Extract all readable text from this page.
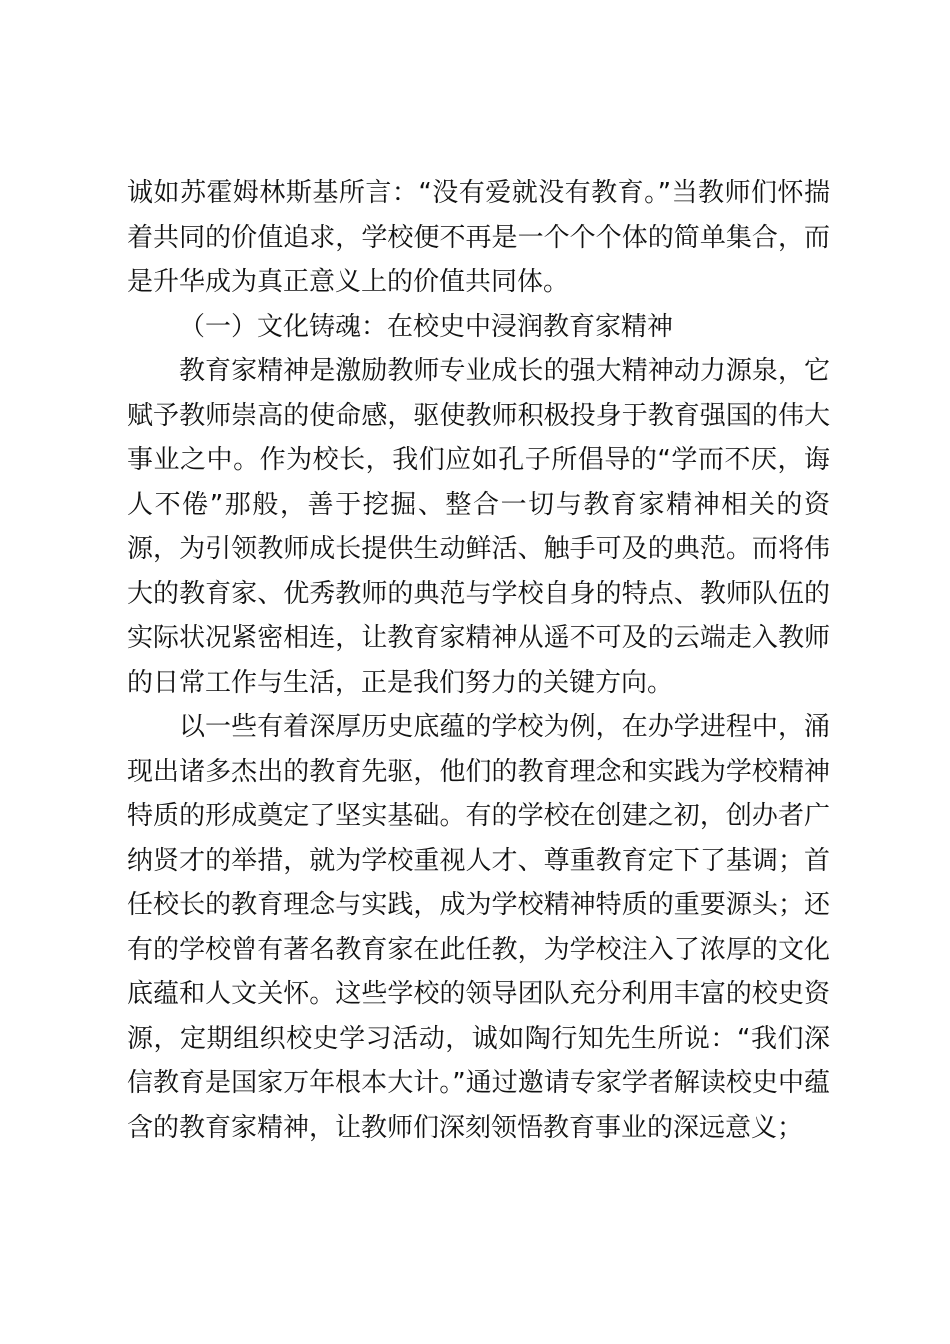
诚如苏霍姆林斯基所言：“没有爱就没有教育。”当教师们怀揣着共同的价值追求，学校便不再是一个个个体的简单集合，而是升华成为真正意义上的价值共同体。

（一）文化铸魂：在校史中浸润教育家精神

教育家精神是激励教师专业成长的强大精神动力源泉，它赋予教师崇高的使命感，驱使教师积极投身于教育强国的伟大事业之中。作为校长，我们应如孔子所倡导的“学而不厌，诲人不倦”那般，善于挖掘、整合一切与教育家精神相关的资源，为引领教师成长提供生动鲜活、触手可及的典范。而将伟大的教育家、优秀教师的典范与学校自身的特点、教师队伍的实际状况紧密相连，让教育家精神从遥不可及的云端走入教师的日常工作与生活，正是我们努力的关键方向。

以一些有着深厚历史底蕴的学校为例，在办学进程中，涌现出诸多杰出的教育先驱，他们的教育理念和实践为学校精神特质的形成奠定了坚实基础。有的学校在创建之初，创办者广纳贤才的举措，就为学校重视人才、尊重教育定下了基调；首任校长的教育理念与实践，成为学校精神特质的重要源头；还有的学校曾有著名教育家在此任教，为学校注入了浓厚的文化底蕴和人文关怀。这些学校的领导团队充分利用丰富的校史资源，定期组织校史学习活动，诚如陶行知先生所说：“我们深信教育是国家万年根本大计。”通过邀请专家学者解读校史中蕴含的教育家精神，让教师们深刻领悟教育事业的深远意义；
